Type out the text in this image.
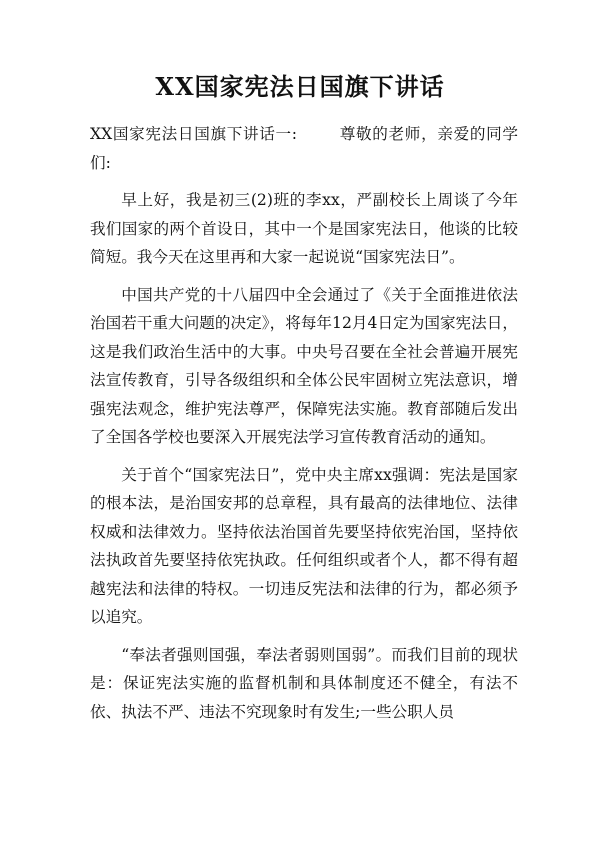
XX国家宪法日国旗下讲话

XX国家宪法日国旗下讲话一:	尊敬的老师，亲爱的同学们:

早上好，我是初三(2)班的李xx，严副校长上周谈了今年我们国家的两个首设日，其中一个是国家宪法日，他谈的比较简短。我今天在这里再和大家一起说说“国家宪法日”。

中国共产党的十八届四中全会通过了《关于全面推进依法治国若干重大问题的决定》，将每年12月4日定为国家宪法日，这是我们政治生活中的大事。中央号召要在全社会普遍开展宪法宣传教育，引导各级组织和全体公民牢固树立宪法意识，增强宪法观念，维护宪法尊严，保障宪法实施。教育部随后发出了全国各学校也要深入开展宪法学习宣传教育活动的通知。

关于首个“国家宪法日”，党中央主席xx强调：宪法是国家的根本法，是治国安邦的总章程，具有最高的法律地位、法律权威和法律效力。坚持依法治国首先要坚持依宪治国，坚持依法执政首先要坚持依宪执政。任何组织或者个人，都不得有超越宪法和法律的特权。一切违反宪法和法律的行为，都必须予以追究。

“奉法者强则国强，奉法者弱则国弱”。而我们目前的现状是：保证宪法实施的监督机制和具体制度还不健全，有法不依、执法不严、违法不究现象时有发生;一些公职人员
